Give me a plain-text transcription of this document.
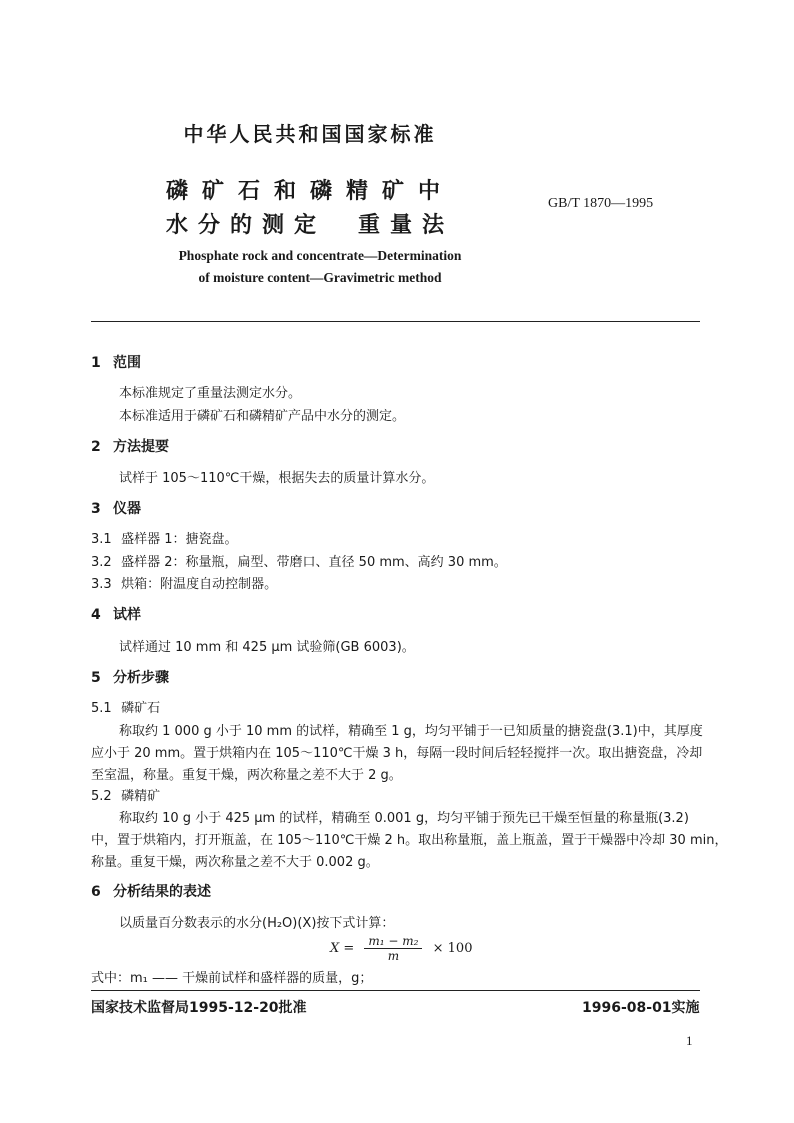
中华人民共和国国家标准
磷矿石和磷精矿中
水分的测定　重量法
GB/T 1870—1995
Phosphate rock and concentrate—Determination
of moisture content—Gravimetric method
1 范围
本标准规定了重量法测定水分。
本标准适用于磷矿石和磷精矿产品中水分的测定。
2 方法提要
试样于 105～110℃干燥，根据失去的质量计算水分。
3 仪器
3.1 盛样器 1：搪瓷盘。
3.2 盛样器 2：称量瓶，扁型、带磨口、直径 50 mm、高约 30 mm。
3.3 烘箱：附温度自动控制器。
4 试样
试样通过 10 mm 和 425 μm 试验筛(GB 6003)。
5 分析步骤
5.1 磷矿石
称取约 1 000 g 小于 10 mm 的试样，精确至 1 g，均匀平铺于一已知质量的搪瓷盘(3.1)中，其厚度
应小于 20 mm。置于烘箱内在 105～110℃干燥 3 h，每隔一段时间后轻轻搅拌一次。取出搪瓷盘，冷却
至室温，称量。重复干燥，两次称量之差不大于 2 g。
5.2 磷精矿
称取约 10 g 小于 425 μm 的试样，精确至 0.001 g，均匀平铺于预先已干燥至恒量的称量瓶(3.2)
中，置于烘箱内，打开瓶盖，在 105～110℃干燥 2 h。取出称量瓶，盖上瓶盖，置于干燥器中冷却 30 min，
称量。重复干燥，两次称量之差不大于 0.002 g。
6 分析结果的表述
以质量百分数表示的水分(H₂O)(X)按下式计算：
$X = \frac{\text{m₁ − m₂}}{m} \times 100$
式中：m₁ —— 干燥前试样和盛样器的质量，g；
国家技术监督局1995-12-20批准	1996-08-01实施
1
